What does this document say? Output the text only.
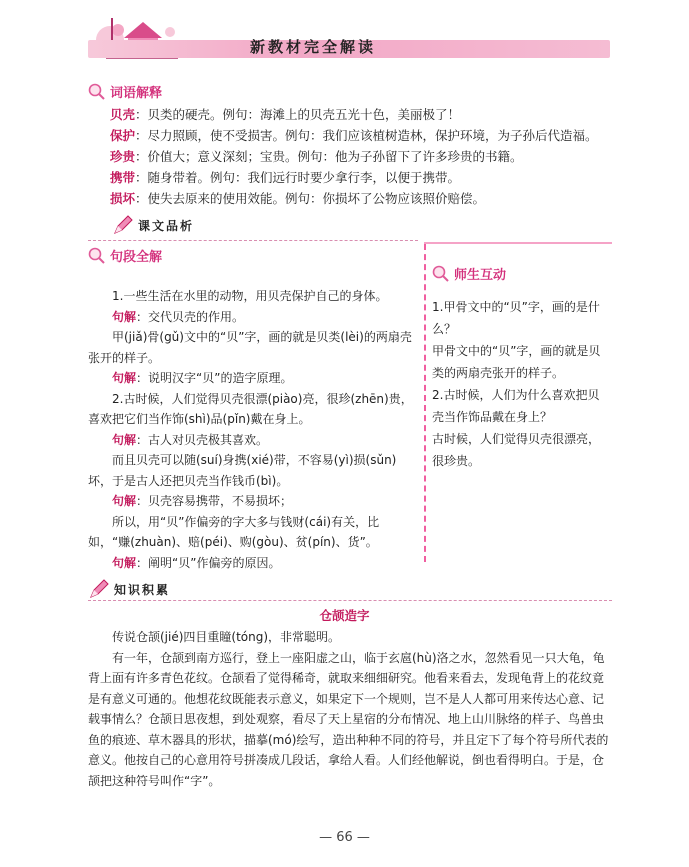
新教材完全解读
词语解释
贝壳：贝类的硬壳。例句：海滩上的贝壳五光十色，美丽极了！
保护：尽力照顾，使不受损害。例句：我们应该植树造林，保护环境，为子孙后代造福。
珍贵：价值大；意义深刻；宝贵。例句：他为子孙留下了许多珍贵的书籍。
携带：随身带着。例句：我们远行时要少拿行李，以便于携带。
损坏：使失去原来的使用效能。例句：你损坏了公物应该照价赔偿。
课文品析
句段全解

1.一些生活在水里的动物，用贝壳保护自己的身体。

句解：交代贝壳的作用。

甲(jiǎ)骨(gǔ)文中的“贝”字，画的就是贝类(lèi)的两扇壳张开的样子。

句解：说明汉字“贝”的造字原理。

2.古时候，人们觉得贝壳很漂(piào)亮，很珍(zhēn)贵，喜欢把它们当作饰(shì)品(pǐn)戴在身上。

句解：古人对贝壳极其喜欢。

而且贝壳可以随(suí)身携(xié)带，不容易(yì)损(sǔn)坏，于是古人还把贝壳当作钱币(bì)。

句解：贝壳容易携带，不易损坏；

所以，用“贝”作偏旁的字大多与钱财(cái)有关，比如，“赚(zhuàn)、赔(péi)、购(gòu)、贫(pín)、货”。

句解：阐明“贝”作偏旁的原因。

师生互动

1.甲骨文中的“贝”字，画的是什么？

甲骨文中的“贝”字，画的就是贝类的两扇壳张开的样子。

2.古时候，人们为什么喜欢把贝壳当作饰品戴在身上？

古时候，人们觉得贝壳很漂亮，很珍贵。

知识积累
仓颉造字

传说仓颉(jié)四目重瞳(tóng)，非常聪明。

有一年，仓颉到南方巡行，登上一座阳虚之山，临于玄扈(hù)洛之水，忽然看见一只大龟，龟背上面有许多青色花纹。仓颉看了觉得稀奇，就取来细细研究。他看来看去，发现龟背上的花纹竟是有意义可通的。他想花纹既能表示意义，如果定下一个规则，岂不是人人都可用来传达心意、记载事情么？仓颉日思夜想，到处观察，看尽了天上星宿的分布情况、地上山川脉络的样子、鸟兽虫鱼的痕迹、草木器具的形状，描摹(mó)绘写，造出种种不同的符号，并且定下了每个符号所代表的意义。他按自己的心意用符号拼凑成几段话，拿给人看。人们经他解说，倒也看得明白。于是，仓颉把这种符号叫作“字”。

— 66 —
